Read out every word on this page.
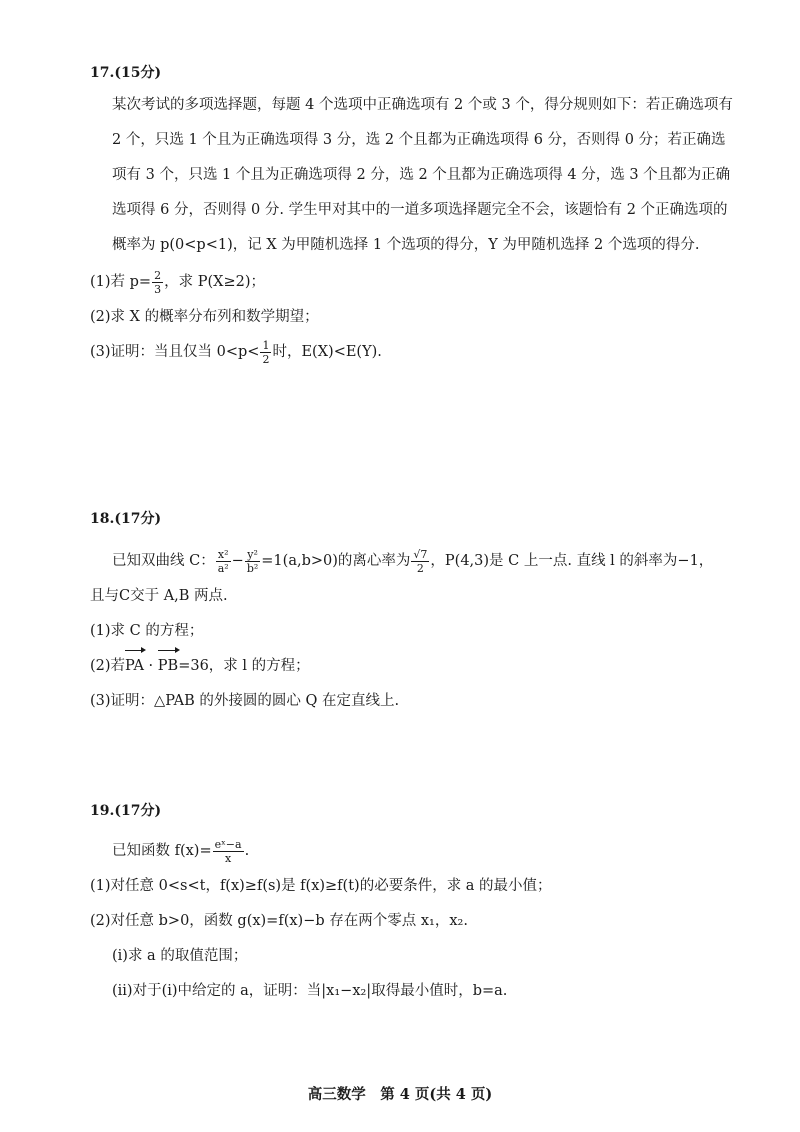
17.(15分)

某次考试的多项选择题，每题 4 个选项中正确选项有 2 个或 3 个，得分规则如下：若正确选项有 2 个，只选 1 个且为正确选项得 3 分，选 2 个且都为正确选项得 6 分，否则得 0 分；若正确选项有 3 个，只选 1 个且为正确选项得 2 分，选 2 个且都为正确选项得 4 分，选 3 个且都为正确选项得 6 分，否则得 0 分. 学生甲对其中的一道多项选择题完全不会，该题恰有 2 个正确选项的概率为 p(0<p<1)，记 X 为甲随机选择 1 个选项的得分，Y 为甲随机选择 2 个选项的得分.

(1)若 $p= \frac{2}{3}$ ，求 P(X≥2)；
(2)求 X 的概率分布列和数学期望；
(3)证明：当且仅当 $0<p< \frac{1}{2}$ 时，E(X)<E(Y).
18.(17分)
已知双曲线 C： $\frac{\text{x²}}{\text{a²}} - \frac{\text{y²}}{\text{b²}} =1(a,b>0)$的离心率为 $\frac{√7}{2}$ ，P(4,3)是 C 上一点. 直线 l 的斜率为−1，
且与C交于 A,B 两点.
(1)求 C 的方程；
(2)若PA · PB=36，求 l 的方程；
(3)证明：△PAB 的外接圆的圆心 Q 在定直线上.
19.(17分)
已知函数 $f(x)= \frac{\text{eˣ−a}}{x}$ .
(1)对任意 0<s<t，f(x)≥f(s)是 f(x)≥f(t)的必要条件，求 a 的最小值；
(2)对任意 b>0，函数 g(x)=f(x)−b 存在两个零点 x₁，x₂.
(i)求 a 的取值范围；
(ii)对于(i)中给定的 a，证明：当|x₁−x₂|取得最小值时，b=a.
高三数学　第 4 页(共 4 页)
